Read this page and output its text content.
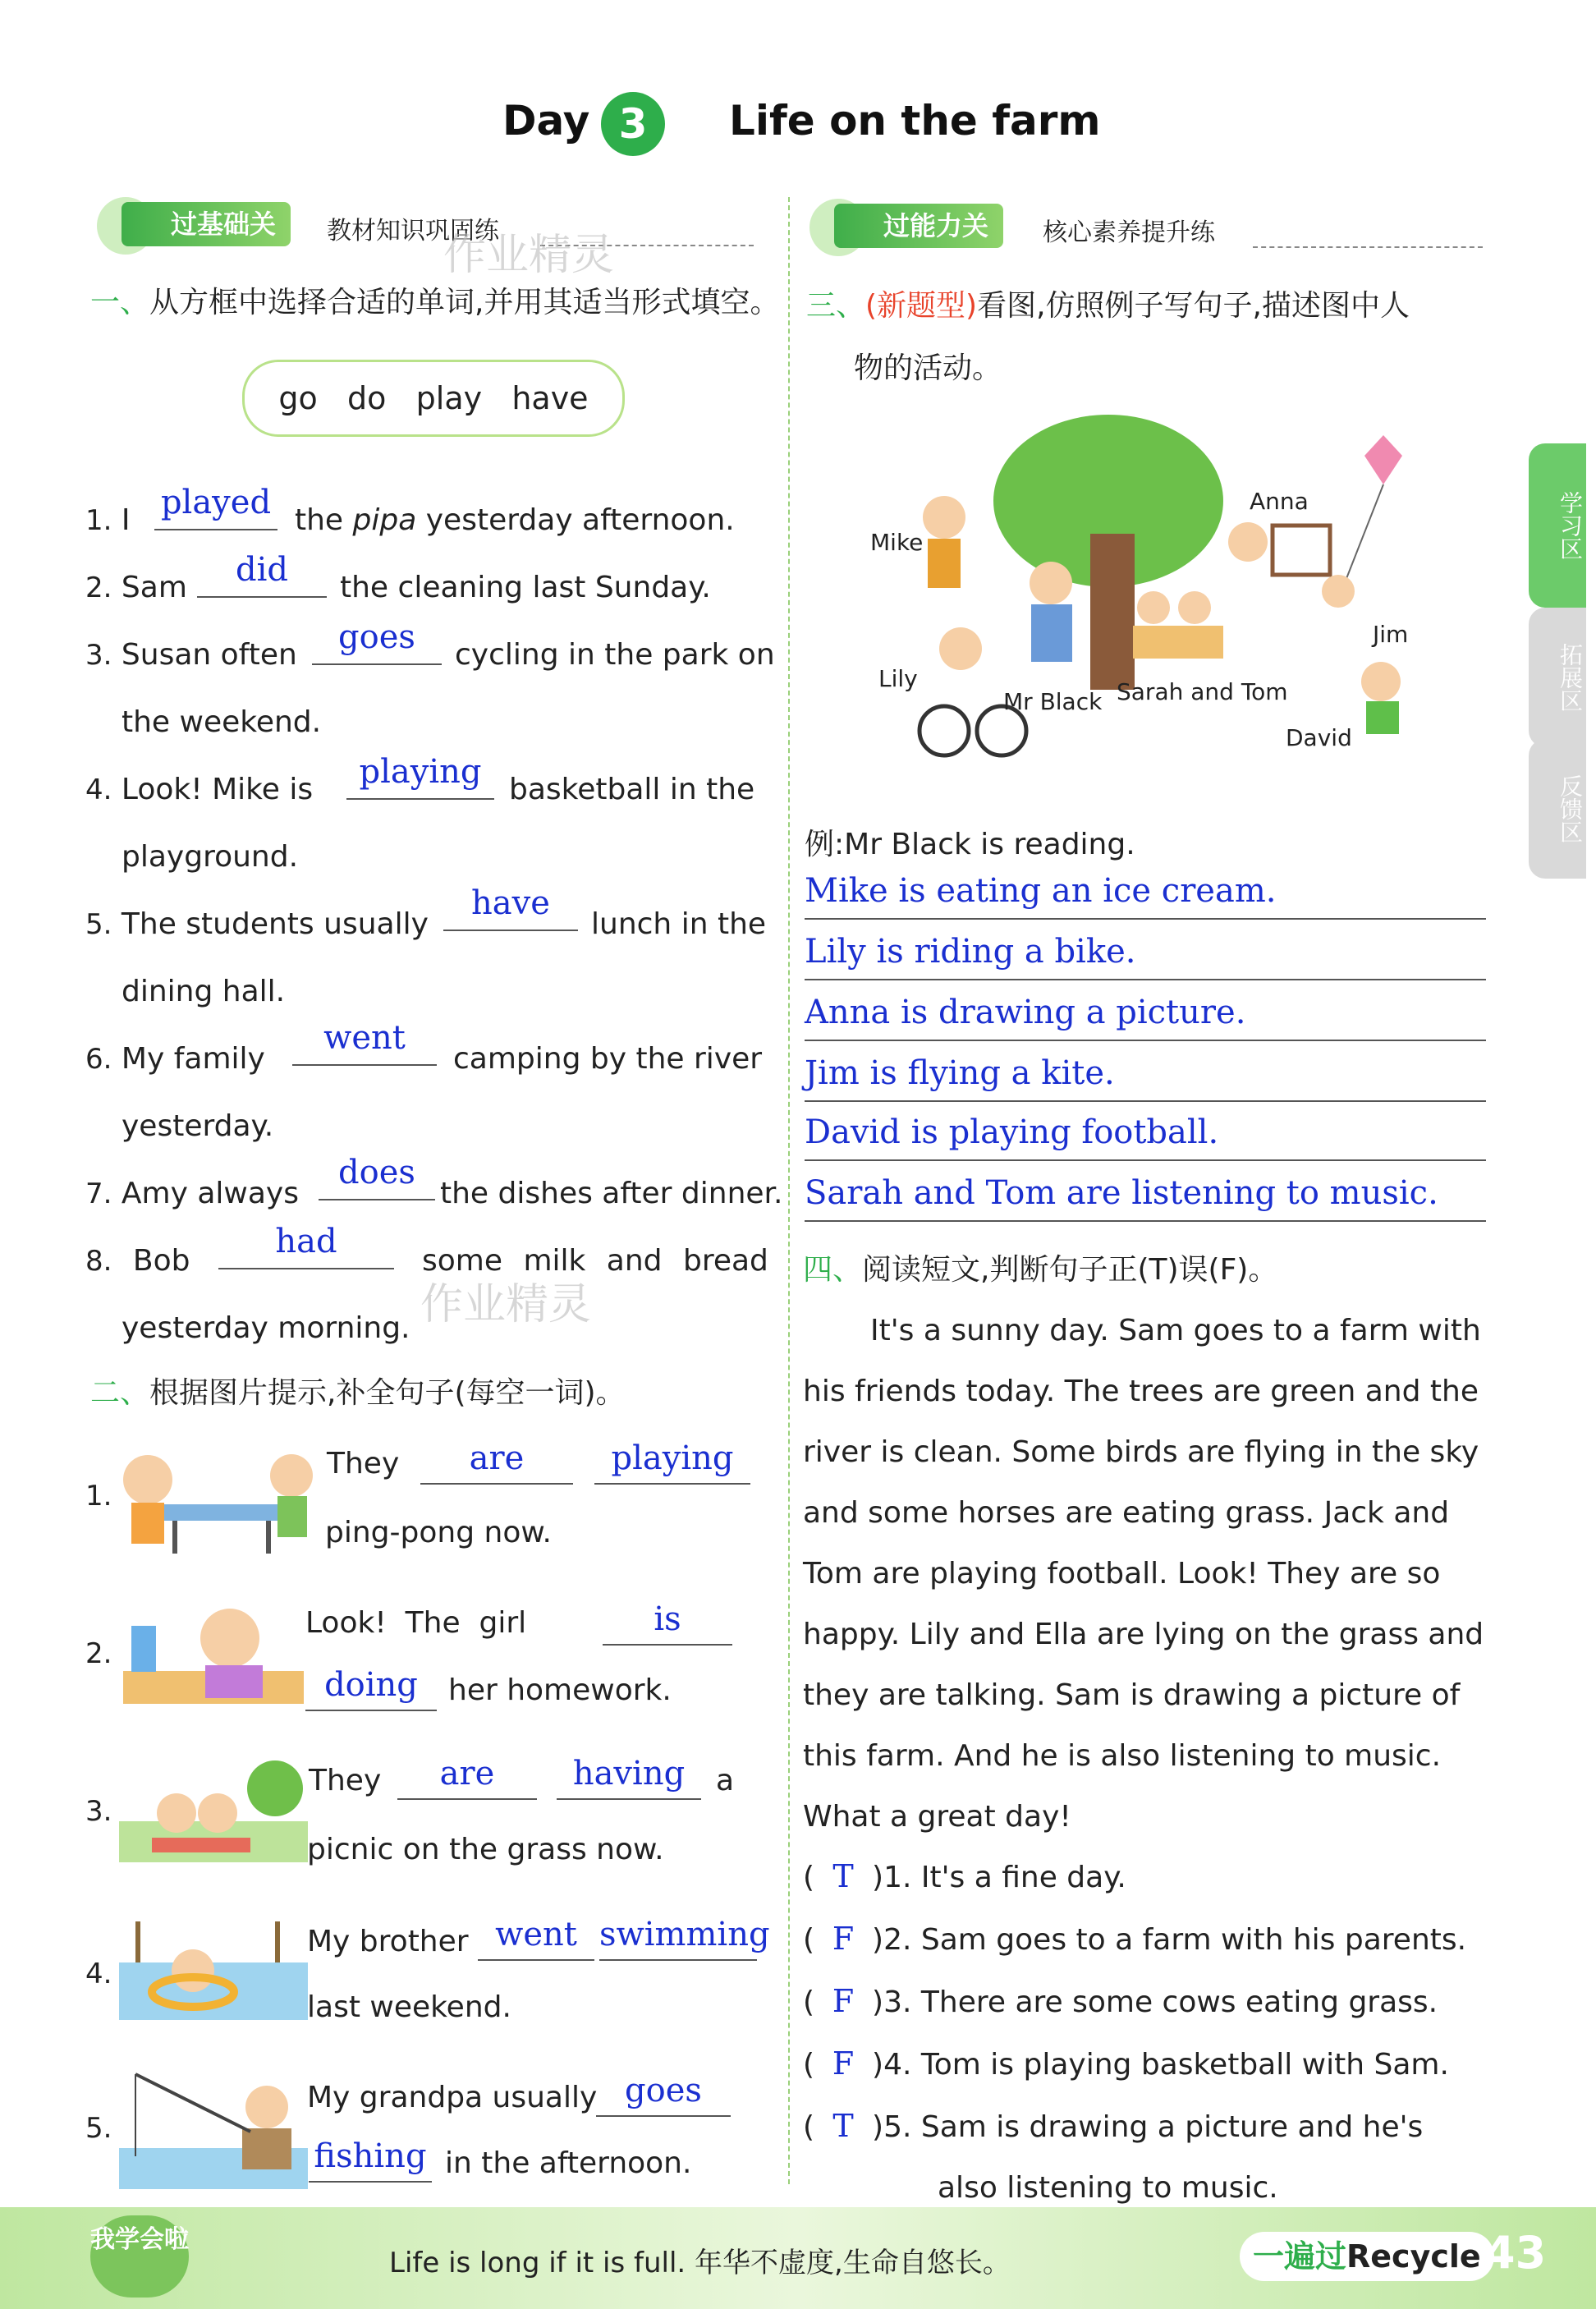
Day 3	Life on the farm
过基础关	教材知识巩固练
作业精灵
一、从方框中选择合适的单词,并用其适当形式填空。
go   do   play   have
1. I played the pipa yesterday afternoon.
2. Sam	did	the cleaning last Sunday.
3. Susan often	goes	cycling in the park on
the weekend.
4. Look! Mike is	playing basketball in the
playground.
5. The students usually
have
lunch in the
dining hall.
6. My family
went
camping by the river
yesterday.
7. Amy always
does
the dishes after dinner.
8. Bob
had
some milk and bread
yesterday morning. 作业精灵
二、根据图片提示,补全句子(每空一词)。
1.
They	are	playing
ping-pong now.
2.
Look!  The  girl	is
doing	her homework.
3.
They	are	having	a
picnic on the grass now.
4.
My brother went swimming
last weekend.
5.
My grandpa usually goes
fishing in the afternoon.
过能力关	核心素养提升练
三、(新题型)看图,仿照例子写句子,描述图中人
物的活动。
Mike
Anna
Jim
Lily
Mr Black Sarah and Tom
David
例:Mr Black is reading.
Mike is eating an ice cream.
Lily is riding a bike.
Anna is drawing a picture.
Jim is flying a kite.
David is playing football.
Sarah and Tom are listening to music.
四、阅读短文,判断句子正(T)误(F)。
It's a sunny day. Sam goes to a farm with
his friends today. The trees are green and the
river is clean. Some birds are flying in the sky
and some horses are eating grass. Jack and
Tom are playing football. Look! They are so
happy. Lily and Ella are lying on the grass and
they are talking. Sam is drawing a picture of
this farm. And he is also listening to music.
What a great day!
( T )1. It's a fine day.
( F )2. Sam goes to a farm with his parents.
( F )3. There are some cows eating grass.
( F )4. Tom is playing basketball with Sam.
( T )5. Sam is drawing a picture and he's
also listening to music.
学习区
拓展区
反馈区
我学会啦
Life is long if it is full. 年华不虚度,生命自悠长。	一遍过Recycle 43
